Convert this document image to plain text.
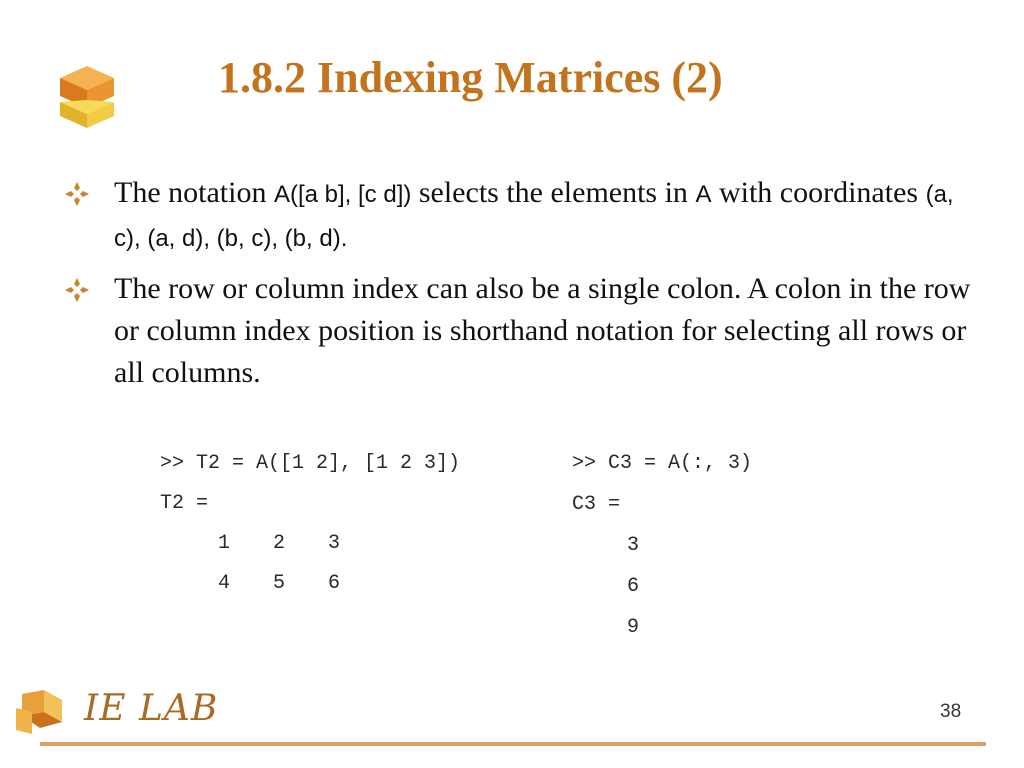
1.8.2 Indexing Matrices (2)
The notation A([a b], [c d]) selects the elements in A with coordinates (a, c), (a, d), (b, c), (b, d).
The row or column index can also be a single colon. A colon in the row or column index position is shorthand notation for selecting all rows or all columns.
>> T2 = A([1 2], [1 2 3])
T2 =
1 2 3
4 5 6
>> C3 = A(:, 3)
C3 =
3
6
9
IE LAB	38
